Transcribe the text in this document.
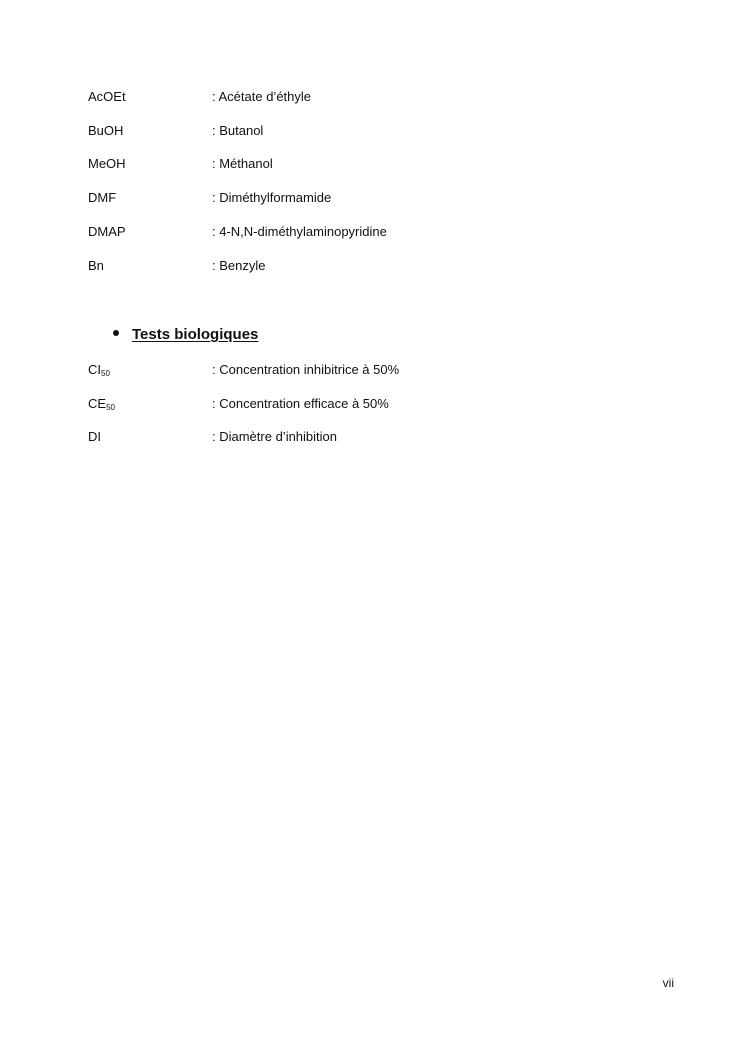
AcOEt	: Acétate d’éthyle
BuOH	: Butanol
MeOH	: Méthanol
DMF	: Diméthylformamide
DMAP	: 4-N,N-diméthylaminopyridine
Bn	: Benzyle
Tests biologiques
CI50	: Concentration inhibitrice à 50%
CE50	: Concentration efficace à 50%
DI	: Diamètre d’inhibition
vii
